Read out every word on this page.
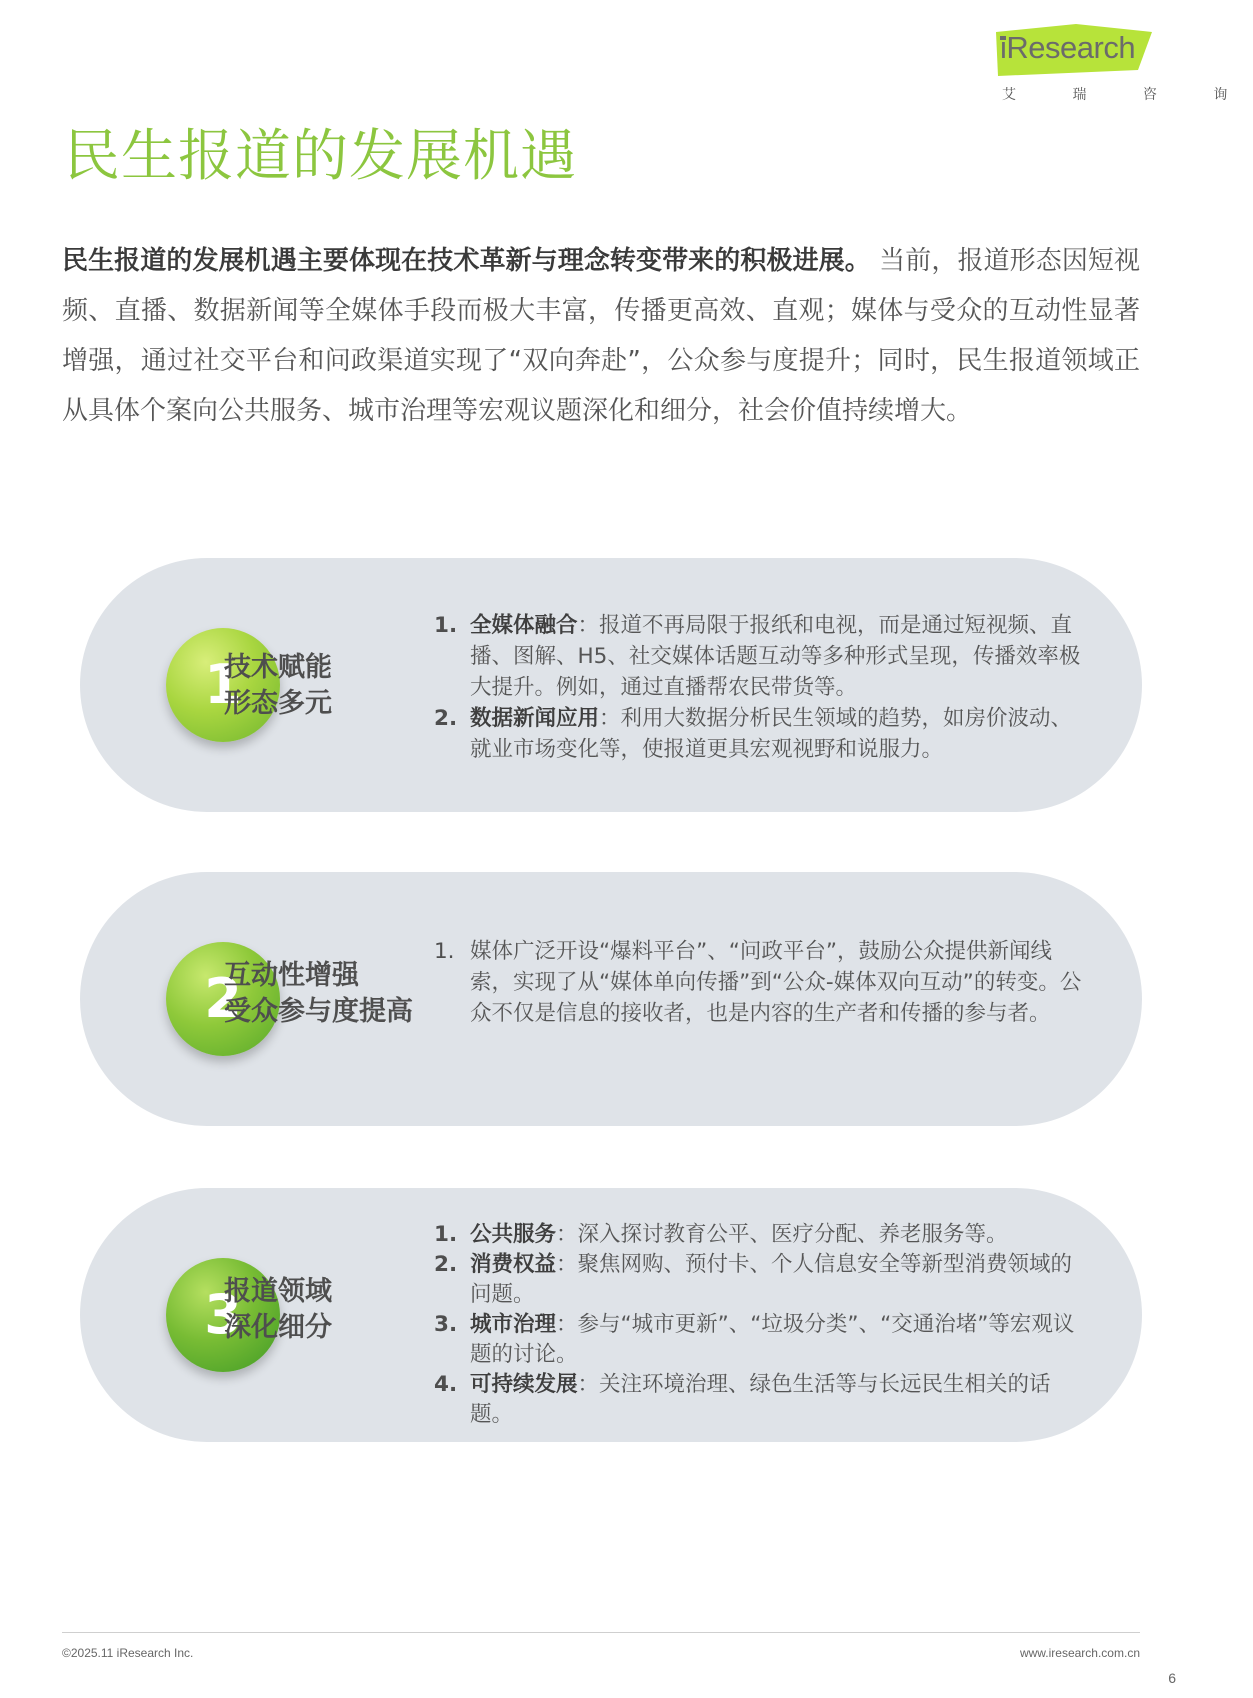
iResearch
艾 瑞 咨 询
民生报道的发展机遇
民生报道的发展机遇主要体现在技术革新与理念转变带来的积极进展。 当前，报道形态因短视频、直播、数据新闻等全媒体手段而极大丰富，传播更高效、直观；媒体与受众的互动性显著增强，通过社交平台和问政渠道实现了“双向奔赴”，公众参与度提升；同时，民生报道领域正从具体个案向公共服务、城市治理等宏观议题深化和细分，社会价值持续增大。
1
技术赋能
形态多元
1. 全媒体融合：报道不再局限于报纸和电视，而是通过短视频、直播、图解、H5、社交媒体话题互动等多种形式呈现，传播效率极大提升。例如，通过直播帮农民带货等。
2. 数据新闻应用：利用大数据分析民生领域的趋势，如房价波动、就业市场变化等，使报道更具宏观视野和说服力。
2
互动性增强
受众参与度提高
1. 媒体广泛开设“爆料平台”、“问政平台”，鼓励公众提供新闻线索，实现了从“媒体单向传播”到“公众-媒体双向互动”的转变。公众不仅是信息的接收者，也是内容的生产者和传播的参与者。
3
报道领域
深化细分
1. 公共服务：深入探讨教育公平、医疗分配、养老服务等。
2. 消费权益：聚焦网购、预付卡、个人信息安全等新型消费领域的问题。
3. 城市治理：参与“城市更新”、“垃圾分类”、“交通治堵”等宏观议题的讨论。
4. 可持续发展：关注环境治理、绿色生活等与长远民生相关的话题。
©2025.11 iResearch Inc.	www.iresearch.com.cn
6
